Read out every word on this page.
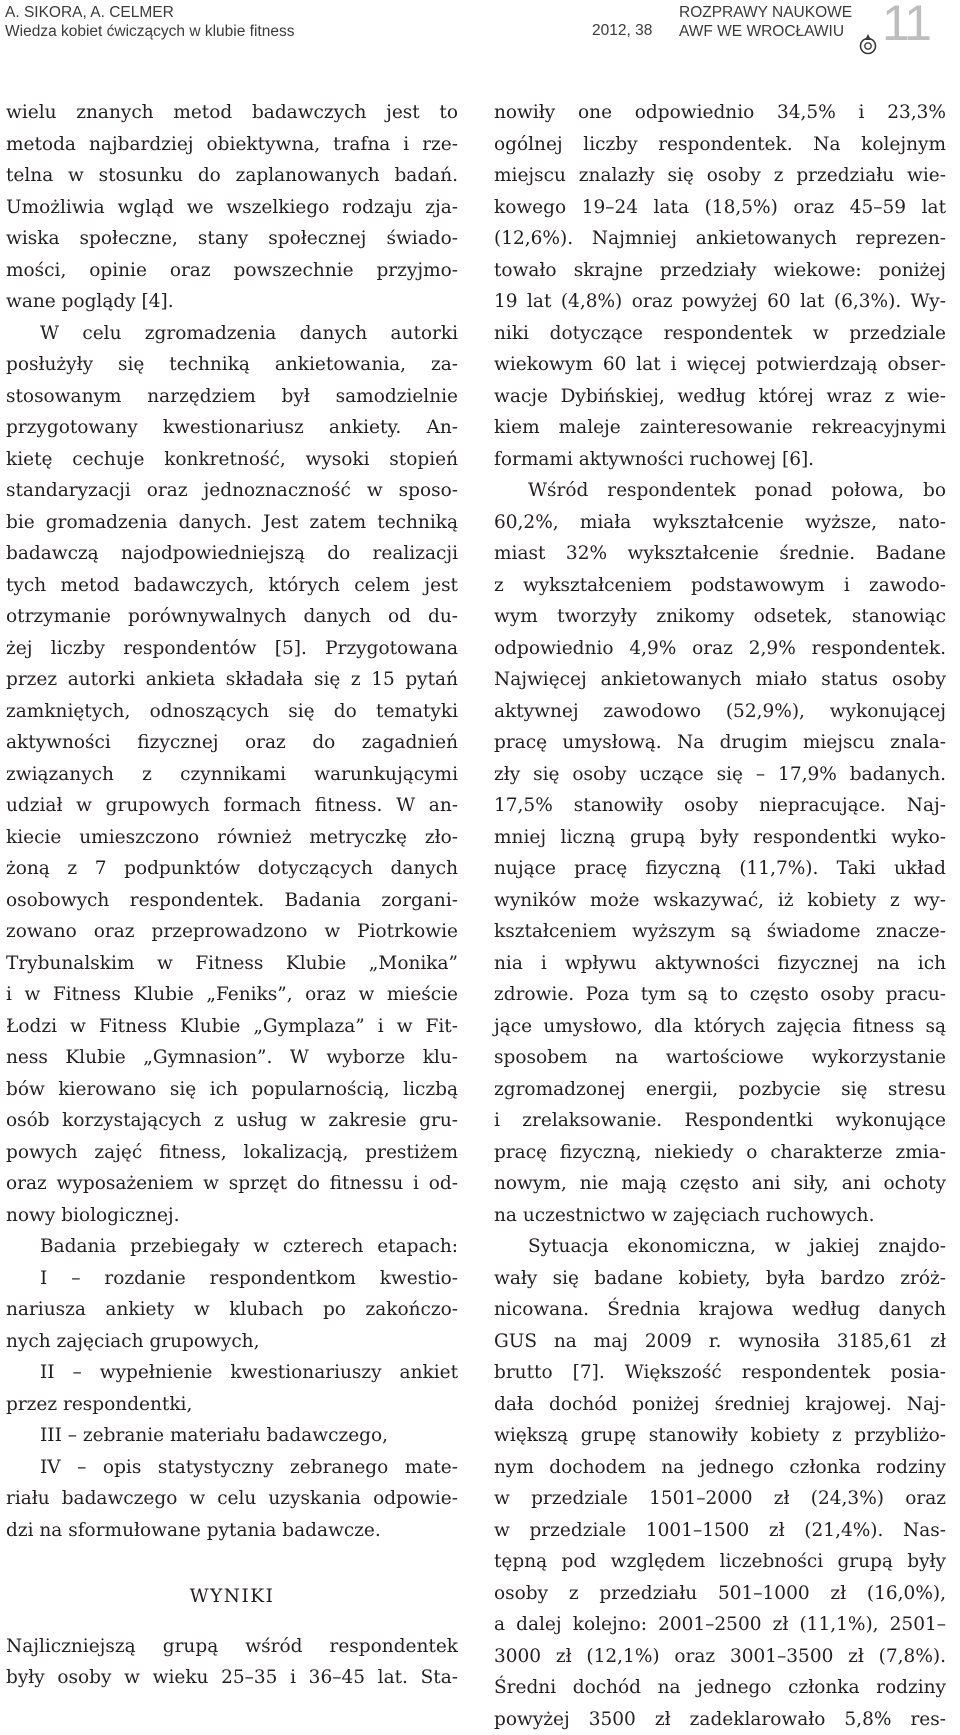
A. SIKORA, A. CELMER
Wiedza kobiet ćwiczących w klubie fitness	2012, 38
ROZPRAWY NAUKOWE
AWF WE WROCŁAWIU 11
wielu znanych metod badawczych jest to
metoda najbardziej obiektywna, trafna i rze-
telna w stosunku do zaplanowanych badań.
Umożliwia wgląd we wszelkiego rodzaju zja-
wiska społeczne, stany społecznej świado-
mości, opinie oraz powszechnie przyjmo-
wane poglądy [4].
W celu zgromadzenia danych autorki
posłużyły się techniką ankietowania, za-
stosowanym narzędziem był samodzielnie
przygotowany kwestionariusz ankiety. An-
kietę cechuje konkretność, wysoki stopień
standaryzacji oraz jednoznaczność w sposo-
bie gromadzenia danych. Jest zatem techniką
badawczą najodpowiedniejszą do realizacji
tych metod badawczych, których celem jest
otrzymanie porównywalnych danych od du-
żej liczby respondentów [5]. Przygotowana
przez autorki ankieta składała się z 15 pytań
zamkniętych, odnoszących się do tematyki
aktywności fizycznej oraz do zagadnień
związanych z czynnikami warunkującymi
udział w grupowych formach fitness. W an-
kiecie umieszczono również metryczkę zło-
żoną z 7 podpunktów dotyczących danych
osobowych respondentek. Badania zorgani-
zowano oraz przeprowadzono w Piotrkowie
Trybunalskim w Fitness Klubie „Monika”
i w Fitness Klubie „Feniks”, oraz w mieście
Łodzi w Fitness Klubie „Gymplaza” i w Fit-
ness Klubie „Gymnasion”. W wyborze klu-
bów kierowano się ich popularnością, liczbą
osób korzystających z usług w zakresie gru-
powych zajęć fitness, lokalizacją, prestiżem
oraz wyposażeniem w sprzęt do fitnessu i od-
nowy biologicznej.
Badania przebiegały w czterech etapach:
I – rozdanie respondentkom kwestio-
nariusza ankiety w klubach po zakończo-
nych zajęciach grupowych,
II – wypełnienie kwestionariuszy ankiet
przez respondentki,
III – zebranie materiału badawczego,
IV – opis statystyczny zebranego mate-
riału badawczego w celu uzyskania odpowie-
dzi na sformułowane pytania badawcze.
WYNIKI
Najliczniejszą grupą wśród respondentek
były osoby w wieku 25–35 i 36–45 lat. Sta-
nowiły one odpowiednio 34,5% i 23,3%
ogólnej liczby respondentek. Na kolejnym
miejscu znalazły się osoby z przedziału wie-
kowego 19–24 lata (18,5%) oraz 45–59 lat
(12,6%). Najmniej ankietowanych reprezen-
towało skrajne przedziały wiekowe: poniżej
19 lat (4,8%) oraz powyżej 60 lat (6,3%). Wy-
niki dotyczące respondentek w przedziale
wiekowym 60 lat i więcej potwierdzają obser-
wacje Dybińskiej, według której wraz z wie-
kiem maleje zainteresowanie rekreacyjnymi
formami aktywności ruchowej [6].
Wśród respondentek ponad połowa, bo
60,2%, miała wykształcenie wyższe, nato-
miast 32% wykształcenie średnie. Badane
z wykształceniem podstawowym i zawodo-
wym tworzyły znikomy odsetek, stanowiąc
odpowiednio 4,9% oraz 2,9% respondentek.
Najwięcej ankietowanych miało status osoby
aktywnej zawodowo (52,9%), wykonującej
pracę umysłową. Na drugim miejscu znala-
zły się osoby uczące się – 17,9% badanych.
17,5% stanowiły osoby niepracujące. Naj-
mniej liczną grupą były respondentki wyko-
nujące pracę fizyczną (11,7%). Taki układ
wyników może wskazywać, iż kobiety z wy-
kształceniem wyższym są świadome znacze-
nia i wpływu aktywności fizycznej na ich
zdrowie. Poza tym są to często osoby pracu-
jące umysłowo, dla których zajęcia fitness są
sposobem na wartościowe wykorzystanie
zgromadzonej energii, pozbycie się stresu
i zrelaksowanie. Respondentki wykonujące
pracę fizyczną, niekiedy o charakterze zmia-
nowym, nie mają często ani siły, ani ochoty
na uczestnictwo w zajęciach ruchowych.
Sytuacja ekonomiczna, w jakiej znajdo-
wały się badane kobiety, była bardzo zróż-
nicowana. Średnia krajowa według danych
GUS na maj 2009 r. wynosiła 3185,61 zł
brutto [7]. Większość respondentek posia-
dała dochód poniżej średniej krajowej. Naj-
większą grupę stanowiły kobiety z przybliżo-
nym dochodem na jednego członka rodziny
w przedziale 1501–2000 zł (24,3%) oraz
w przedziale 1001–1500 zł (21,4%). Nas-
tępną pod względem liczebności grupą były
osoby z przedziału 501–1000 zł (16,0%),
a dalej kolejno: 2001–2500 zł (11,1%), 2501–
3000 zł (12,1%) oraz 3001–3500 zł (7,8%).
Średni dochód na jednego członka rodziny
powyżej 3500 zł zadeklarowało 5,8% res-
